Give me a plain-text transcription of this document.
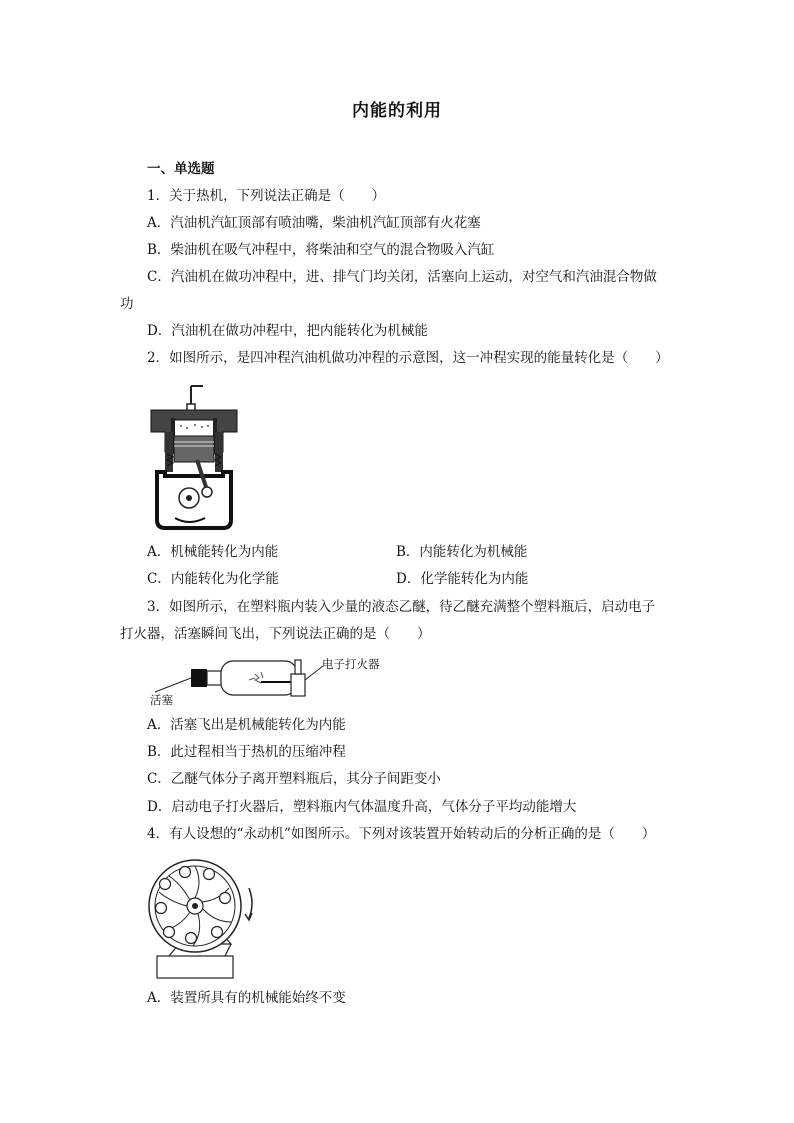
内能的利用
一、单选题
1．关于热机，下列说法正确是（　　）
A．汽油机汽缸顶部有喷油嘴，柴油机汽缸顶部有火花塞
B．柴油机在吸气冲程中，将柴油和空气的混合物吸入汽缸
C．汽油机在做功冲程中，进、排气门均关闭，活塞向上运动，对空气和汽油混合物做
功
D．汽油机在做功冲程中，把内能转化为机械能
2．如图所示，是四冲程汽油机做功冲程的示意图，这一冲程实现的能量转化是（　　）
A．机械能转化为内能	B．内能转化为机械能
C．内能转化为化学能	D．化学能转化为内能
3．如图所示，在塑料瓶内装入少量的液态乙醚，待乙醚充满整个塑料瓶后，启动电子
打火器，活塞瞬间飞出，下列说法正确的是（　　）
电子打火器
活塞
A．活塞飞出是机械能转化为内能
B．此过程相当于热机的压缩冲程
C．乙醚气体分子离开塑料瓶后，其分子间距变小
D．启动电子打火器后，塑料瓶内气体温度升高，气体分子平均动能增大
4．有人设想的“永动机”如图所示。下列对该装置开始转动后的分析正确的是（　　）
A．装置所具有的机械能始终不变
